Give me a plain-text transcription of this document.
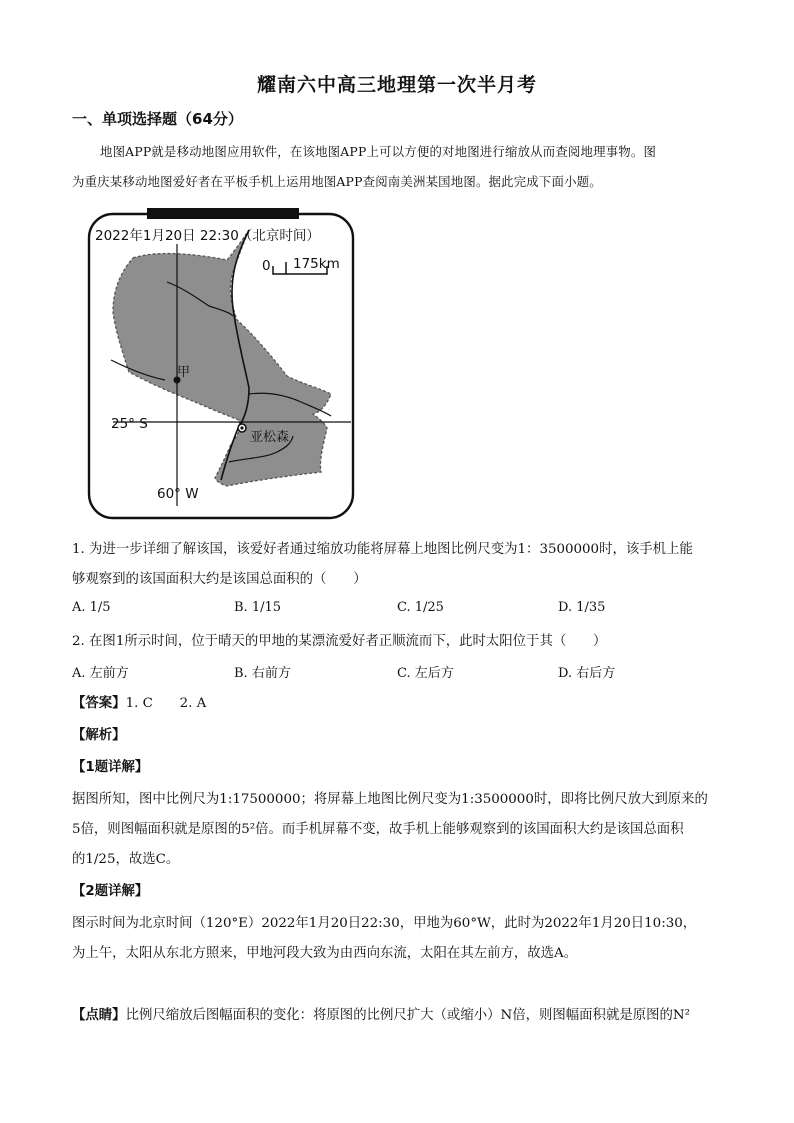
耀南六中高三地理第一次半月考
一、单项选择题（64分）
地图APP就是移动地图应用软件，在该地图APP上可以方便的对地图进行缩放从而查阅地理事物。图
为重庆某移动地图爱好者在平板手机上运用地图APP查阅南美洲某国地图。据此完成下面小题。
2022年1月20日 22:30（北京时间）
0 175km
甲
亚松森
25° S
60° W
1. 为进一步详细了解该国，该爱好者通过缩放功能将屏幕上地图比例尺变为1：3500000时，该手机上能
够观察到的该国面积大约是该国总面积的（　　）
A. 1/5	B. 1/15	C. 1/25	D. 1/35
2. 在图1所示时间，位于晴天的甲地的某漂流爱好者正顺流而下，此时太阳位于其（　　）
A. 左前方	B. 右前方	C. 左后方	D. 右后方
【答案】1. C　　2. A
【解析】
【1题详解】
据图所知，图中比例尺为1:17500000；将屏幕上地图比例尺变为1:3500000时，即将比例尺放大到原来的
5倍，则图幅面积就是原图的5²倍。而手机屏幕不变，故手机上能够观察到的该国面积大约是该国总面积
的1/25，故选C。
【2题详解】
图示时间为北京时间（120°E）2022年1月20日22:30，甲地为60°W，此时为2022年1月20日10:30，
为上午，太阳从东北方照来，甲地河段大致为由西向东流，太阳在其左前方，故选A。
【点睛】比例尺缩放后图幅面积的变化：将原图的比例尺扩大（或缩小）N倍，则图幅面积就是原图的N²
